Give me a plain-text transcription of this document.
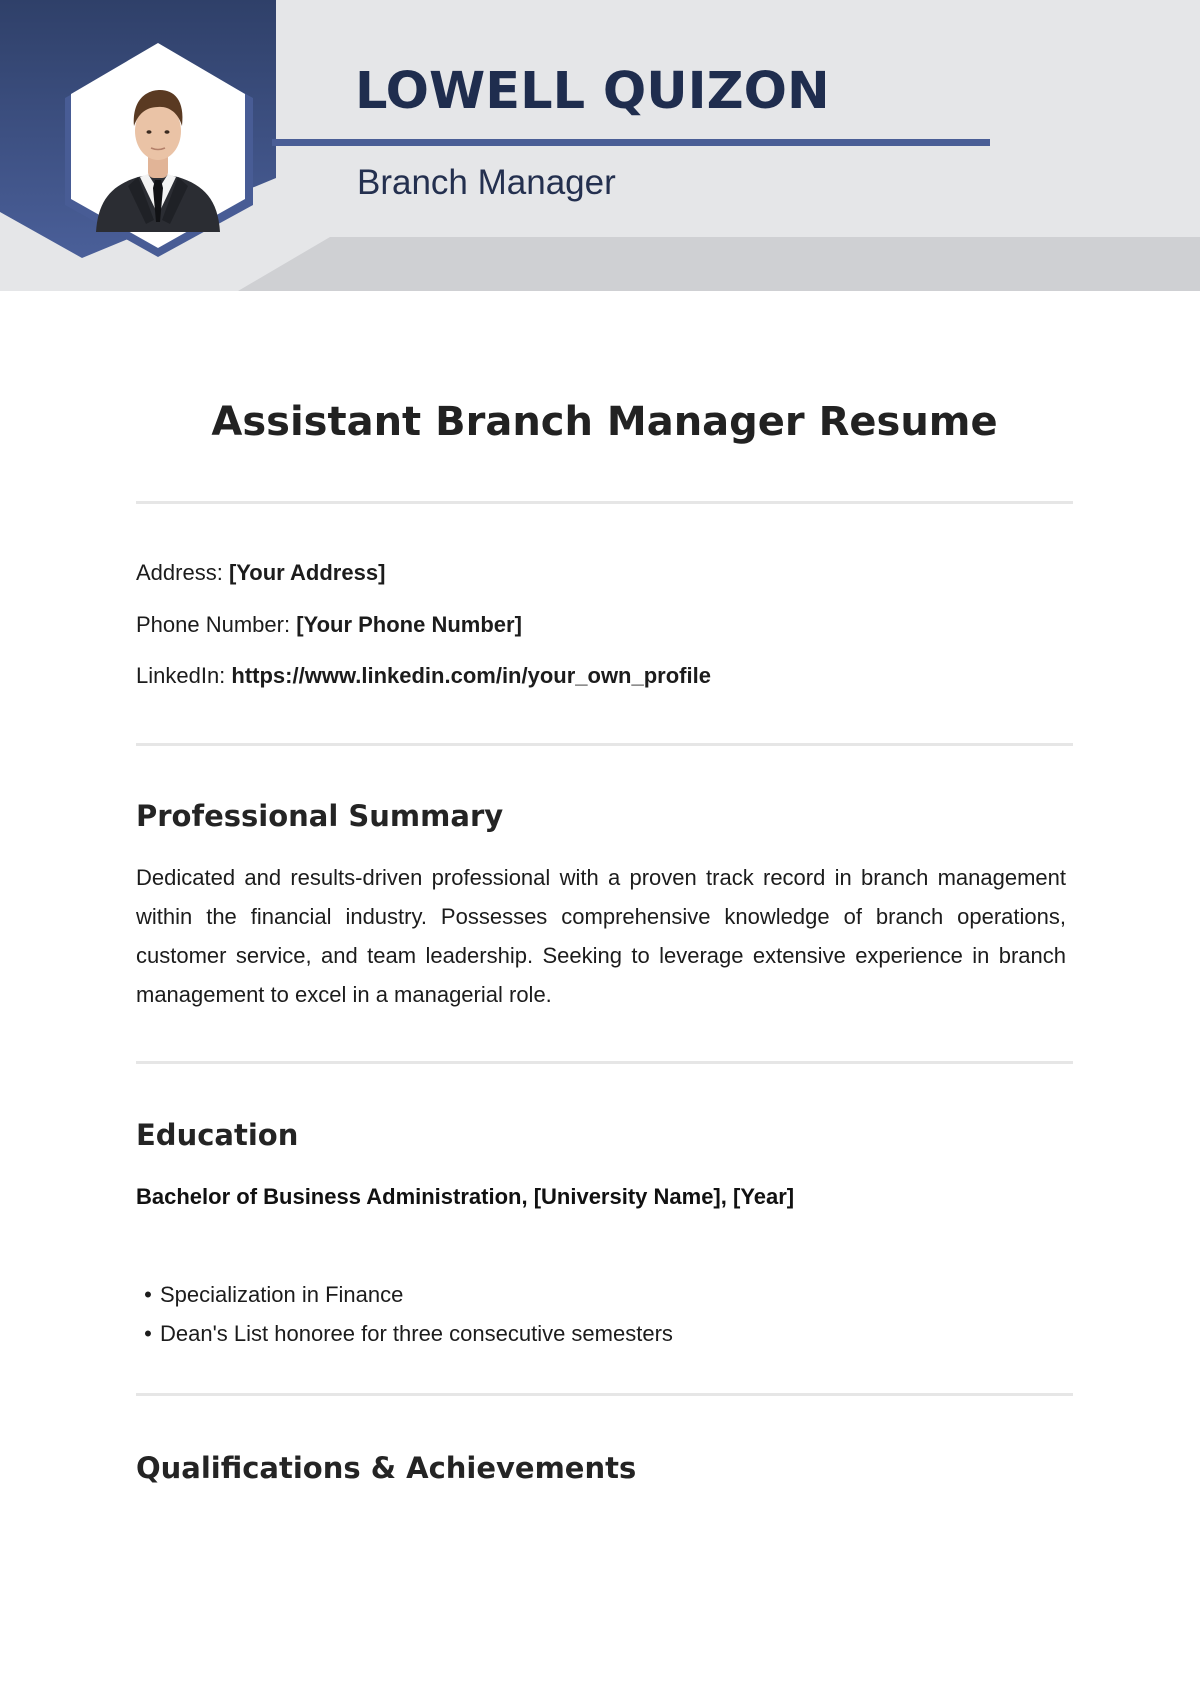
LOWELL QUIZON

Branch Manager

Assistant Branch Manager Resume

Address: [Your Address]

Phone Number: [Your Phone Number]

LinkedIn: https://www.linkedin.com/in/your_own_profile

Professional Summary

Dedicated and results-driven professional with a proven track record in branch management within the financial industry. Possesses comprehensive knowledge of branch operations, customer service, and team leadership. Seeking to leverage extensive experience in branch management to excel in a managerial role.

Education

Bachelor of Business Administration, [University Name], [Year]

• Specialization in Finance
• Dean's List honoree for three consecutive semesters
Qualifications & Achievements
